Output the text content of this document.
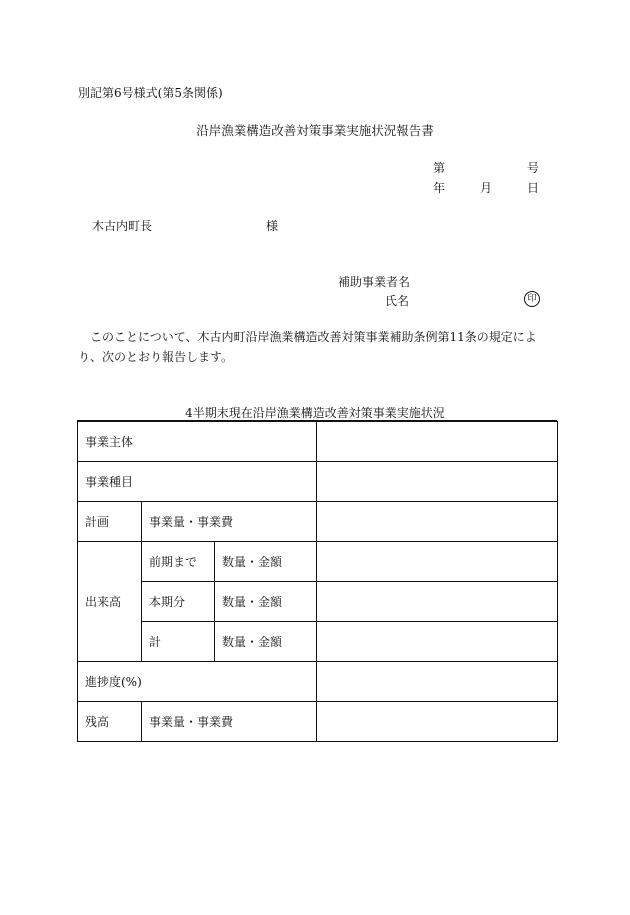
別記第6号様式(第5条関係)
沿岸漁業構造改善対策事業実施状況報告書
第	号
年	月	日
木古内町長	様
補助事業者名
氏名	印
このことについて、木古内町沿岸漁業構造改善対策事業補助条例第11条の規定により、次のとおり報告します。
4半期末現在沿岸漁業構造改善対策事業実施状況
事業主体			
事業種目			
計画	事業量・事業費		
出来高	前期まで	数量・金額	
	本期分	数量・金額	
	計	数量・金額	
進捗度(%)			
残高	事業量・事業費		
